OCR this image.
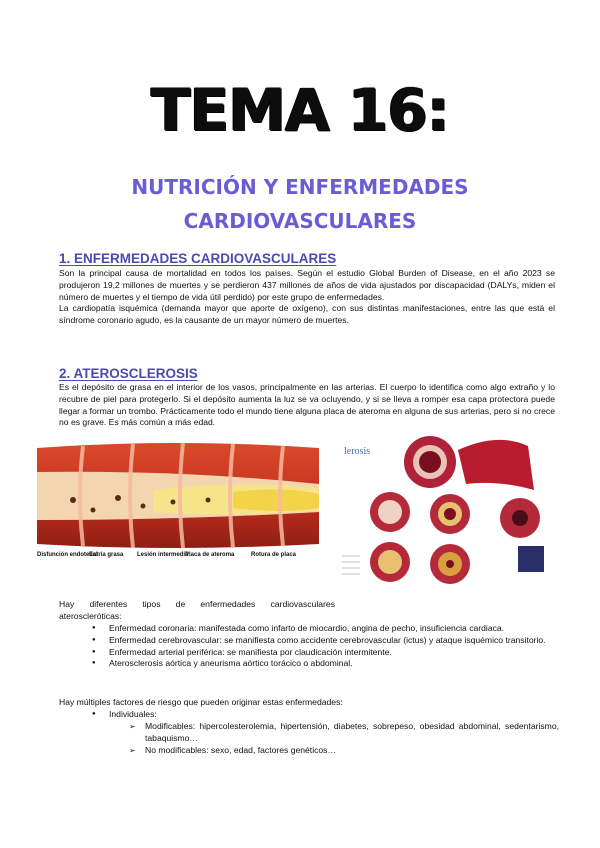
TEMA 16:
NUTRICIÓN Y ENFERMEDADES
CARDIOVASCULARES
1. ENFERMEDADES CARDIOVASCULARES

Son la principal causa de mortalidad en todos los países. Según el estudio Global Burden of Disease, en el año 2023 se produjeron 19,2 millones de muertes y se perdieron 437 millones de años de vida ajustados por discapacidad (DALYs, miden el número de muertes y el tiempo de vida útil perdido) por este grupo de enfermedades.

La cardiopatía isquémica (demanda mayor que aporte de oxígeno), con sus distintas manifestaciones, entre las que está el síndrome coronario agudo, es la causante de un mayor número de muertes.

2. ATEROSCLEROSIS
Es el depósito de grasa en el interior de los vasos, principalmente en las arterias. El cuerpo lo identifica como algo extraño y lo recubre de piel para protegerlo. Si el depósito aumenta la luz se va ocluyendo, y si se lleva a romper esa capa protectora puede llegar a formar un trombo. Prácticamente todo el mundo tiene alguna placa de ateroma en alguna de sus arterias, pero si no crece no es grave. Es más común a más edad.
Disfunción endotelial
Estría grasa Lesión intermedia
Placa de ateroma	Rotura de placa
lerosis
Hay diferentes tipos de enfermedades cardiovasculares ateroscleróticas:
● Enfermedad coronaria: manifestada como infarto de miocardio, angina de pecho, insuficiencia cardiaca.
● Enfermedad cerebrovascular: se manifiesta como accidente cerebrovascular (ictus) y ataque isquémico transitorio.
● Enfermedad arterial periférica: se manifiesta por claudicación intermitente.
● Aterosclerosis aórtica y aneurisma aórtico torácico o abdominal.
Hay múltiples factores de riesgo que pueden originar estas enfermedades:
● Individuales:
➢ Modificables: hipercolesterolemia, hipertensión, diabetes, sobrepeso, obesidad abdominal, sedentarismo, tabaquismo…
➢ No modificables: sexo, edad, factores genéticos…
